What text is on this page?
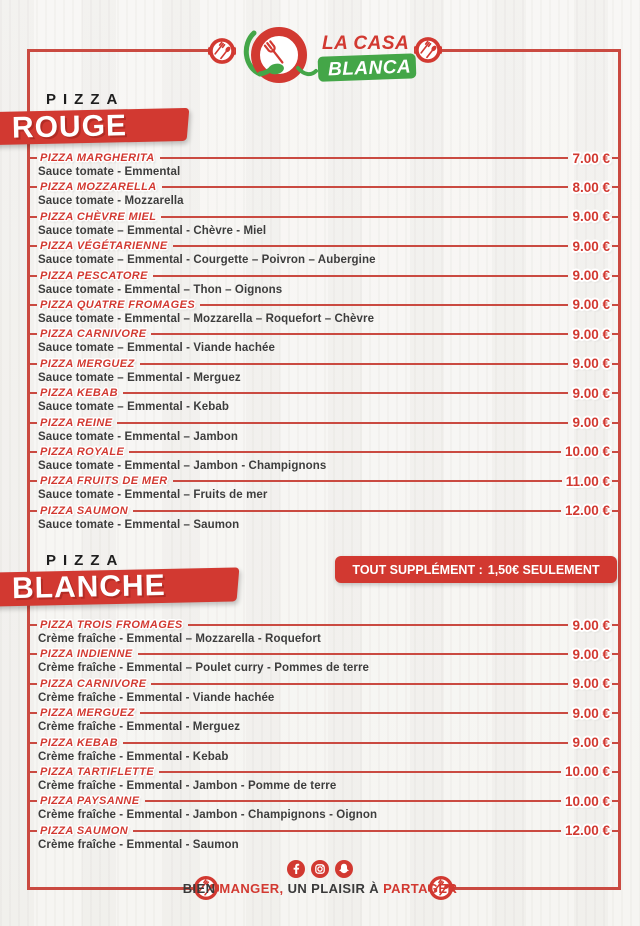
LA CASA
BLANCA
PIZZA
ROUGE
PIZZA MARGHERITA	7.00 €
Sauce tomate - Emmental
PIZZA MOZZARELLA	8.00 €
Sauce tomate - Mozzarella
PIZZA CHÈVRE MIEL	9.00 €
Sauce tomate – Emmental - Chèvre - Miel
PIZZA VÉGÉTARIENNE	9.00 €
Sauce tomate – Emmental - Courgette – Poivron – Aubergine
PIZZA PESCATORE	9.00 €
Sauce tomate - Emmental – Thon – Oignons
PIZZA QUATRE FROMAGES	9.00 €
Sauce tomate - Emmental – Mozzarella – Roquefort – Chèvre
PIZZA CARNIVORE	9.00 €
Sauce tomate – Emmental - Viande hachée
PIZZA MERGUEZ	9.00 €
Sauce tomate – Emmental - Merguez
PIZZA KEBAB	9.00 €
Sauce tomate – Emmental - Kebab
PIZZA REINE	9.00 €
Sauce tomate - Emmental – Jambon
PIZZA ROYALE	10.00 €
Sauce tomate - Emmental – Jambon - Champignons
PIZZA FRUITS DE MER	11.00 €
Sauce tomate - Emmental – Fruits de mer
PIZZA SAUMON	12.00 €
Sauce tomate - Emmental – Saumon
PIZZA
BLANCHE	TOUT SUPPLÉMENT : 1,50€ SEULEMENT
PIZZA TROIS FROMAGES	9.00 €
Crème fraîche - Emmental – Mozzarella - Roquefort
PIZZA INDIENNE	9.00 €
Crème fraîche - Emmental – Poulet curry - Pommes de terre
PIZZA CARNIVORE	9.00 €
Crème fraîche - Emmental - Viande hachée
PIZZA MERGUEZ	9.00 €
Crème fraîche - Emmental - Merguez
PIZZA KEBAB	9.00 €
Crème fraîche - Emmental - Kebab
PIZZA TARTIFLETTE	10.00 €
Crème fraîche - Emmental - Jambon - Pomme de terre
PIZZA PAYSANNE	10.00 €
Crème fraîche - Emmental - Jambon - Champignons - Oignon
PIZZA SAUMON	12.00 €
Crème fraîche - Emmental - Saumon
BIEN MANGER, UN PLAISIR À PARTAGER
